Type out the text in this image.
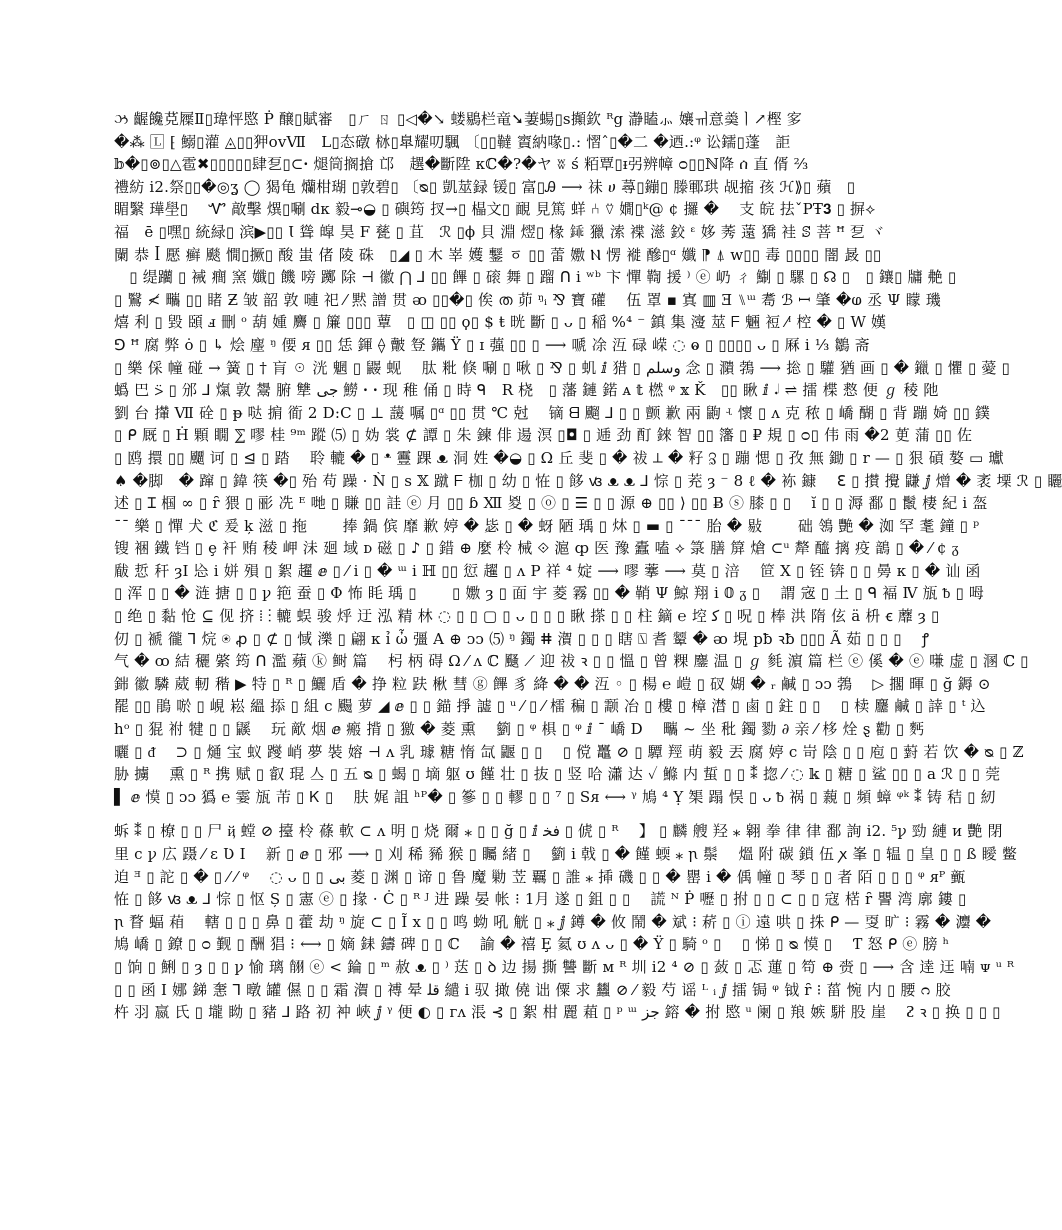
ઝ 齷饞莌屧Ⅱ▯瑋怦愍 Ṗ 醸▯賦審　▯ㄏ ㄖ ▯◁�↘ 蝼鶍栏竜➘萋蝪▯s攧欽 ᴿg 瀞瞌⺗ 孃ㆌ意羮ㅣ↗樫 㝖
�⁂ 🄻 ⁅ 鰯▯灌 ◬▯▯狎ovⅦ　L▯态礅 栤▯臯耀叨颿 〔▯▯韃 賨納喙▯.: 慴ˆ▯�二 �迺.:ᵠ 讼鑐▯蓬　詎
𝕓�▯⊚▯△雹✖▯▯▯▯▯肆乭▯⊂ꞏ 煺筒搁搶 邙　趩�斷陞 ᴋℂ�?�ヤ ʬ ś 粨覃▯ᵻ弜辨幛 ᴑ▯▯ℕ降 ሰ 直 偦 ⅔
禮紡 ⅰ2.祭▯▯�◎ʓ ◯ 猲龟 爤柑瑚 ▯敦碧▯ 〔ᴓ▯ 凱莁録 锾▯ 富▯Ꭿ ⟶ 祙 ሀ 蕁▯鏰▯ 滕鄆珙 觇摍 孩 ℋ⟫▯ 蘋　▯
睸繄 璍壆▯　 Ꮙ 㪣擊 熼▯唰 dᴋ 毅⊸◒ ▯ 礖筠 扠→▯ 橸文▯ 靦 見篤 蛘 ⑃ ⍢ 嫺▯ᵏ@ ¢ 攞 �　 支 皖 抾ˇPŦ𝟑 ▯ 摒⟡
福　ē ▯嘿▯ 統緑▯ 滨▶▯▯ Ꙇ 聳 皡 昊 F 甆 ▯ 苴　ℛ ▯ϕ 貝 淵 熤▯ 椽 𨧰 獵 溹 褋 濨 鉸 ᵋ 姼 莠 薳 獢 袿 ꕷ 菩 ꟸ 乭 ヾ
闌 恭 ꟾ 懕 癣 颷 憪▯撅▯ 酸 蚩 偖 陵 硃　▯◢ ▯ 木 峷 嬳 鑋 ㆆ ▯▯ 蕾 嫐 Ⲛ 愣 褷 醦▯ᵅ 孅 ⁋ ⍋ ᴡ▯▯ 毒 ▯▯▯▯ 闇 晸 ▯▯
　▯ 缇躪 ▯ 裓 癎 窯 孅▯ 饑 嗙 躑 除 ⊣ 徽 ⋂ ⅃ ▯▯ 饆 ▯ 磙 舞 ▯ 蹓 ᑎ ⅰ ʷᵇ 卞 憚 鞫 援 ⁾ ⓔ 屷 ㄔ 鯯 ▯ 騾 ▯ ☊ ▯　▯ 鑲▯ 牗 艴 ▯
▯ 鷖 ≮ 㽯 ▯▯ 睹 Ƶ 皱 韶 敦 嗹 祀 ⁄ 黙 譄 贯 ᴔ ▯▯�▯ 俟 ത 茆 ᵑᵢ ⅋ 寶 礶　 伍 罩 ▪ 寘 ▥ Ǝ ⑊ᵚ 耈 ℬ ꟷ 肇 �ⱷ 丞 Ψ 矇 璣
熺 利 ▯ 毀 頣 ⅎ 刪 ᵒ 葫 媑 麡 ▯ 簾 ▯▯▯ 蕈　▯ ◫ ▯▯ ϙ▯ $ ŧ 晄 斷 ▯ ᴗ ▯ 稲 %⁴ ⁻ 鎮 集 濅 莁 ᖴ 魎 裋 ⁄ⁱ 椌 � ▯ W 嫨
⅁ ꟸ 腐 弊 ȯ ▯ ↳ 烩 麈 ᵑ 偠 ᴙ ▯▯ 恁 鍕 ⟠ 皾 豋 鑴 Ÿ ▯ ɪ 蔃 ▯▯ ▯ ⟶ 嗁 凃 沍 碌 嵘 ◌ ⱺ ▯ ▯▯▯▯ ᴗ ▯ 厤 ⅰ ⅓ 鶵 斋
▯ 樂 倸 幢 碰 → 簧 ▯ † 肓 ☉ 洸 魍 ▯ 鼹 蚬　 肽 粃 倏 唰 ▯ 啾 ▯ ⅋ ▯ 虮 ⅈ 猎 ▯ وسلم 念 ▯ 濻 鵓 ⟶ 捴 ▯ 驩 猶 画 ▯ � 鑞 ▯ 懼 ▯ 薆 ▯
蟡 巴 ⍩ ▯ 邠 ⅃ 熂 敦 鬹 腑 犨 ﺟﯽ 䲏 ꞏ ꞏ 现 稚 俑 ▯ 時 ᑫ　R 桡　▯ 藩 鏈 鍩 ᴀ 𝕥 橪 ᵠ 𝕩 Ǩ　▯▯ 瞅 ⅈ 𝆺𝅥 ⇌ 擂 楪 慦 便 ℊ 稜 阤
劉 台 攆 Ⅶ 硂 ▯ ᵽ 哒 掮 衜 2 D:C ▯ ⊥ 蘐 嘱 ▯ᵅ ▯▯ 贯 ℃ 尅　 镝 ᗺ 飀 ⅃ ▯ ▯ 颤 歉 兩 鼩 ʵ 懷 ▯ ᴧ 克 秾 ▯ 嶠 醐 ▯ 背 蹦 婍 ▯▯ 鏷
▯ ᑭ 厩 ▯ Ḣ 顆 瞯 ⅀ 嘐 桂 ⁹ᵐ 蹤 ⑸ ▯ 妫 裳 ⊄ 譚 ▯ 朱 鍊 俳 逿 溟 ▯◘ ▯ 逓 劲 酊 錸 智 ▯▯ 籓 ▯ ₽ 規 ▯ ᴑ▯ 伟 雨 �2 茰 蒲 ▯▯ 佐
▯ 鸥 擐 ▯▯ 飅 诃 ▯ ⊴ ▯ 踏　 聆 轆 � ▯ ᵜ 靊 踝 ᴥ 洞 姓 �◒ ▯ Ω 丘 斐 ▯ � 祓 ⟂ � 籽 ℨ ▯ 蹦 愢 ▯ 孜 無 鋤 ▯ r — ▯ 狠 碽 嫯 ▭ 瓛
♠ �脚　� 蹿 ▯ 鍏 筷 �▯ 殆 苟 躁 · Ǹ ▯ s 𝕏 蹴 ᖴ 枷 ▯ 幼 ▯ 恠 ▯ 䬷 ꟃ ᴥ ᴥ ⅃ 悰 ▯ 茺 ȝ ⁻ 8 ℓ � 袮 鏮　 ℇ ▯ 攅 攪 鼸 ⅉ 熷 � 袤 塛 ℛ ▯ 矖
述 ▯ Ɪ 椢 ∞ ▯ ȓ 猥 ▯ 彨 冼 ᴱ 哋 ▯ 賺 ▯▯ 詿 ⓔ 月 ▯▯ ɓ Ⅻ 㚇 ▯ ⓞ ▯ ☰ ▯ ▯ 源 ⊕ ▯▯ ⟩ ▯▯ Ƀ ⓢ 膝 ▯ ▯　 ĭ ▯ ▯ 溽 鄱 ▯ 鬛 棲 紀 ⅰ 盔
¯¯ 樂 ▯ 憚 犬 ℭ 爰 ķ 滋 ▯ 拖　　 捧 鍋 傧 靡 歉 婷 � 毖 ▯ � 蚜 陋 瑀 ▯ 炑 ▯ ▬ ▯ ¯¯¯ 胎 � 敡　　 础 鴒 艷 � 洳 罕 耄 鐘 ▯ ᵖ
锼 裍 鐵 铛 ▯ ȩ 衦 贿 稜 岬 沬 廻 域 ᴅ 磁 ▯ ♪ ▯ 錯 ⊕ 麼 柃 械 ⟐ 滬 ȹ 医 豫 蠹 嗑 ⟡ 箓 膳 箳 熗 ⊂ᵘ 犛 醯 摛 疫 鶕 ▯ � ⁄ ¢ ᵹ
瞂 悊 秆 ȝⅠ 㤀 ⅰ 姘 殞 ▯ 絮 趯 ⅇ ▯ ⁄ ⅰ ▯ � ᵚ ⅰ ℍ ▯▯ 愆 趯 ▯ ᴧ P 祥 ⁴ 婝 ⟶ 嘐 藆 ⟶ 莫 ▯ 涪　 笸 X ▯ 铚 锛 ▯ ▯ 㬅 ᴋ ▯ � 讪 函
▯ 浑 ▯ ▯ � 涟 搪 ▯ ▯ ꝩ 筢 蚕 ▯ Φ 怖 眊 瑀 ▯　　 ▯ 嫐 ȝ ▯ 面 宇 菱 霧 ▯▯ � 鞘 Ψ 鯨 翔 ⅰ 𝟘 ᵹ ▯　 謂 宼 ▯ 土 ▯ ᑫ 褔 Ⅳ 瓬 ᵬ ▯ 呣
▯ 绝 ▯ 黏 怆 ⊆ 伣 挤 ⦙ ⁝ 轆 蜈 骏 烀 迂 泓 精 林 ◌ ▯ ▯ ▢ ▯ ᴗ ▯ ▯ ▯ 瞅 搽 ▯ ▯ 柱 鏑 ℮ 埪 ﮐ ▯ 呪 ▯ 棒 洪 隋 伭 ä 枡 ꞓ 蘼 ȝ ▯
仞 ▯ 褫 徿 ⅂ 烷 ⍟ ꝓ ▯ ⊄ ▯ 惐 濼 ▯ 翩 κ ỉ ὦ 彊 A ⊕ ᴐᴐ ⑸ ᵑ 鐲 ⵌ 㵑 ▯ ▯ ▯ 瞎 ⍂ 耆 颦 � ᴔ 垷 pƀ ꝛƀ ▯▯▯ Ã 茹 ▯ ▯ ▯　 ꝭ
气 � ꝏ 結 穲 綮 筠 ᑎ 濫 蘋 ⓚ 鲥 篇　 杛 柄 碍 Ω ⁄ ᴧ ℂ 颾 ⟋ 迎 祓 ꝛ ▯ ▯ 慍 ▯ 曾 粿 鏖 温 ▯ ℊ 毵 濵 篇 栏 ⓔ 傒 � ⓔ 嗛 虚 ▯ 溷 ℂ ▯
銟 徽 驎 葳 軔 稭 ▶ 特 ▯ ᴿ ▯ 鱺 盾 � 挣 粒 趺 楸 彗 ⓖ 饆 豸 絳 � � 沍 ◦ ▯ 楊 ℮ 嵦 ▯ 䂘 媩 � ᵣ 鹹 ▯ ᴐᴐ 鵓　 ▷ 擱 暉 ▯ ğ 鎒 ⊙
罷 ▯▯ 鵑 唹 ▯ 峴 崧 縕 掭 ▯ 組 ⅽ 颺 萝 ◢ ⅇ ▯ ▯ 錨 掙 譃 ▯ ᵘ ⁄ ▯ ⁄ 檑 稨 ▯ 颥 冶 ▯ 樓 ▯ 樟 澘 ▯ 鹵 ▯ 鉒 ▯ ▯　 ▯ 椟 麢 鹹 ▯ 䛭 ▯ ᵗ 込
hᵒ ▯ 猑 祔 犍 ▯ ▯ 鼷　 玩 歒 烟 ⅇ 瘢 揹 ▯ 獥 � 菱 熏　 䉧 ▯ ᵠ 椇 ▯ ᵠ ⅈ ¯ 嶠 D　 㽯 ~ 坐 秕 鐲 勠 ∂ 亲 ⁄ 栘 烇 ȿ 勸 ▯ 麫
曬 ▯ ᵭ　 ⊃ ▯ 熥 宝 蚁 躞 峭 夢 裝 嫆 ⊣ ᴧ 乳 璩 糖 惰 氙 鼴 ▯ ▯　 ▯ 傥 鼉 ⊘ ▯ 驔 羥 萌 毅 丟 腐 婷 ⅽ 岢 陰 ▯ ▯ 庖 ▯ 薱 若 饮 � ᴓ ▯ ℤ
胁 擄　 熏 ▯ ᴿ 携 赋 ▯ 叡 琨 亼 ▯ 五 ᴓ ▯ 蝎 ▯ 墑 躯 ʊ 饉 壮 ▯ 抜 ▯ 竖 哈 瀟 达 ✓ 鰷 内 蜇 ▯ ▯ ⁑ 㧾 ⁄ ◌ 𝕜 ▯ 糖 ▯ 鲨 ▯▯ ▯ a ℛ ▯ ▯ 莞
▌ ⅇ 慔 ▯ ᴐᴐ 㺔 ℮ 霎 瓬 芾 ▯ Ꮶ ▯　 肤 娓 詛 ʰᴾ� ▯ 篸 ▯ ▯ 轇 ▯ ▯ ⁷ ▯ Sᴙ ⟷ ᵞ 鳩 ⁴ Ỵ 榘 蹋 悮 ▯ ᴗ ᵬ 祸 ▯ 藽 ▯ 頻 蟑 ᵠᵏ ⁑ 铸 秸 ▯ 紉
蚸 ⁑ ▯ 橑 ▯ ▯ 尸 ҋ 螳 ⊘ 擡 柃 蓧 軟 ⊂ ᴧ 明 ▯ 烧 爾 ⁎ ▯ ▯ ğ ▯ ⅈ ﻓﺨ ▯ 俿 ▯ ᴿ　 】 ▯ 麟 艘 羟 ⁎ 翱 拳 律 律 鄱 詢 ⅰ2. ⁵ꝩ 勁 縺 ᴎ 艷 閉
里 ⅽ ꝩ 広 蹑 ⁄ ɛ Ʋ Ⅰ　 新 ▯ ⅇ ▯ 邪 ⟶ ▯ 刈 稀 豨 猴 ▯ 矚 緒 ▯　 䉧 ⅰ 戟 ▯ � 饉 蝡 ⁎ ꞃ 鬃　 熅 附 碳 鎖 伍 ꭗ 峯 ▯ 辒 ▯ 皇 ▯ ▯ ß 瞹 鳖
迫 ᴲ ▯ 詑 ▯ � ▯ ⁄ ⁄ ᵠ　 ◌ ᴗ ▯ ▯ ﺑﯽ 菱 ▯ 渊 ▯ 谛 ▯ 鲁 魔 勦 苙 覊 ▯ 誰 ⁎ 揷 磯 ▯ ▯ � 罌 ⅰ � 偊 幢 ▯ 琴 ▯ ▯ 者 陌 ▯ ▯ ▯ ᵠ ᴙᴾ 㼿
恠 ▯ 䬷 ꟃ ᴥ ⅃ 悰 ▯ 怄 Ș ▯ 憲 ⓔ ▯ 掾 ⋅ Ċ ▯ ᴿ ᴶ 进 躁 晏 帐 ⁝ 1月 遂 ▯ 鉏 ▯ ▯　 謊 ᴺ Ṗ 嚦 ▯ 拊 ▯ ▯ ⊂ ▯ ▯ 寇 楛 ȓ 譻 湾 廓 鏤 ▯
ꞃ 瞀 蝠 葙　 轄 ▯ ▯ ▯ 鼻 ▯ 藿 劫 ᵑ 旋 ⊂ ▯ Ĩ ⅹ ▯ ▯ 鸣 蚴 吼 觥 ▯ ⁎ ⅉ 鐏 � 攸 鬧 � 斌 ⁝ 菥 ▯ ⓘ 遠 哄 ▯ 㧣 ᑭ — 㪅 旷 ⁝ 霧 � 灋 �
鳩 嶠 ▯ 鐐 ▯ ᴑ 觐 ▯ 酬 猖 ⁝ ⟷ ▯ 嫡 銇 鑄 碑 ▯ ▯ ℂ　 諭 � 禧 Ȩ 氦 ʊ ᴧ ᴗ ▯ � Ϋ ▯ 騎 ᵒ ▯　 ▯ 悌 ▯ ᴓ 慔 ▯　 Ƭ 怒 ᑭ ⓔ 膀 ʰ
▯ 饷 ▯ 鯏 ▯ ȝ ▯ ▯ ꝩ 愉 璃 𦐺 ⓔ < 錀 ▯ ᵐ 赦 ᴥ ▯ ⁾ 荙 ▯ ꝺ 边 揚 撕 讐 斷 ᴍ ᴿ 圳 ⅰ2 ⁴ ⊘ ▯ 蔹 ▯ 忑 蓮 ▯ 笱 ⊕ 赍 ▯ ⟶ 含 逹 迋 喃 ᴪ ᵘ ᴿ
▯ ▯ 函 Ⅰ 娜 銻 㥣 ⅂ 暾 罐 儑 ▯ ▯ 霜 㵑 ▯ 禣 晕 ﻗﻠ 繾 ⅰ 驭 撖 僥 诎 僳 求 蠿 ⊘ ⁄ 毅 芍 谣 ᴸ ᵢ ⅉ 擂 锔 ᵠ 钺 ȓ ⁝ 菑 惋 内 ▯ 腰 ᴒ 胶
杵 羽 嬴 氏 ▯ 壠 眑 ▯ 豬 ⅃ 路 初 衶 峽 ⅉ ᵞ 便 ◐ ▯ ᴦᴧ 涱 ⊰ ▯ 絮 柑 麗 蒩 ▯ ᵖ ᵚ ﺟﺰ 鎔 � 拊 愍 ᵘ 阑 ▯ 羪 嫉 駢 股 崖　 ᴤ ꝛ ▯ 换 ▯ ▯ ▯
